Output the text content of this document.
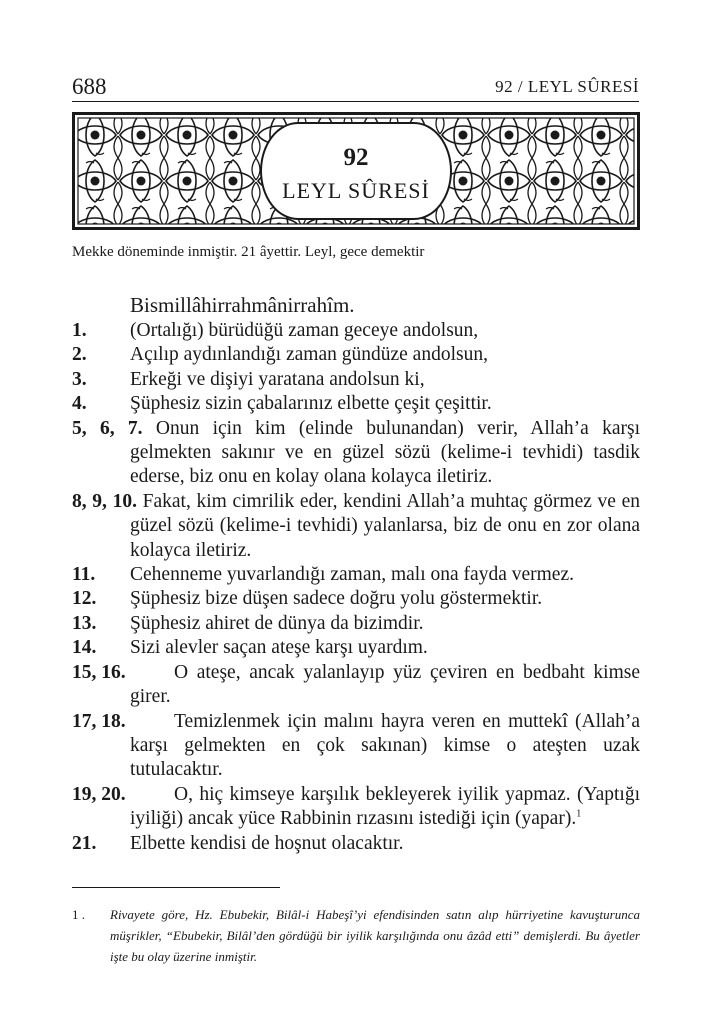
688	92 / LEYL SÛRESİ
92
LEYL SÛRESİ
Mekke döneminde inmiştir. 21 âyettir. Leyl, gece demektir
Bismillâhirrahmânirrahîm.
1. (Ortalığı) bürüdüğü zaman geceye andolsun,
2. Açılıp aydınlandığı zaman gündüze andolsun,
3. Erkeği ve dişiyi yaratana andolsun ki,
4. Şüphesiz sizin çabalarınız elbette çeşit çeşittir.
5, 6, 7. Onun için kim (elinde bulunandan) verir, Allah’a karşı gelmekten sakınır ve en güzel sözü (kelime-i tevhidi) tasdik ederse, biz onu en kolay olana kolayca iletiriz.
8, 9, 10. Fakat, kim cimrilik eder, kendini Allah’a muhtaç görmez ve en güzel sözü (kelime-i tevhidi) yalanlarsa, biz de onu en zor olana kolayca iletiriz.
11. Cehenneme yuvarlandığı zaman, malı ona fayda vermez.
12. Şüphesiz bize düşen sadece doğru yolu göstermektir.
13. Şüphesiz ahiret de dünya da bizimdir.
14. Sizi alevler saçan ateşe karşı uyardım.
15, 16. O ateşe, ancak yalanlayıp yüz çeviren en bedbaht kimse girer.
17, 18. Temizlenmek için malını hayra veren en muttekî (Allah’a karşı gelmekten en çok sakınan) kimse o ateşten uzak tutulacaktır.
19, 20. O, hiç kimseye karşılık bekleyerek iyilik yapmaz. (Yaptığı iyiliği) ancak yüce Rabbinin rızasını istediği için (yapar).$^1$
21. Elbette kendisi de hoşnut olacaktır.
1 .	Rivayete göre, Hz. Ebubekir, Bilâl-i Habeşî’yi efendisinden satın alıp hürriyetine kavuşturunca müşrikler, “Ebubekir, Bilâl’den gördüğü bir iyilik karşılığında onu âzâd etti” demişlerdi. Bu âyetler işte bu olay üzerine inmiştir.
